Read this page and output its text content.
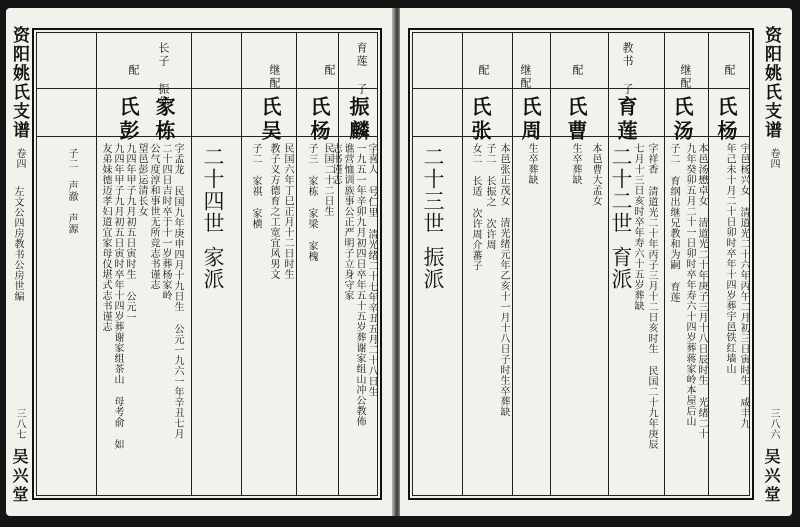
资阳姚氏支谱
卷四
左文公四房教书公房世编
三八七
吴兴堂
配
氏彭
长子 振邻
家栋
字孟龙 民国九年庚申四月十九日生 公元一九六一年辛丑七月
二十四日吉时卒于十一岁葬杨家岭
公气度淳和事世无所竞志书谨志
望邑彭运清长女
九四年甲子九月初五日寅时生 公元一
九四年甲子九月初五日寅时卒年十四岁葬谢家组茶山 母考俞 如
友弟妹德迈孝妇道宜家母仪堪式志书谨志
子二 声澈 声源	二十四世
家派
继配
氏吴
民国六年丁巳正月十二日时生
教子义方德育之工宽宜风男文
子二 家祺 家横
配
氏杨
民国二十二日生
子三 家栋 家梁 家槐
育莲 子
振麟
字喜人 号仁里 清光绪二十七年辛丑五月二十八日生
一九五一年辛卯九月初四日卒年五十五岁葬谢家组山冲公教佈
谯营恤训族事公正严明子立身守家
志书谨志
资阳姚氏支谱
卷四
三八六
吴兴堂
二十三世
振派
配
氏张
本邑张正茂女 清光绪元年乙亥十一月十八日子时生卒葬缺
子二 长振之 次许周
女二 长适 次许周介蕃子
继配
氏周
生卒葬缺
配
氏曹
本邑曹大孟女
生卒葬缺
教书 子
育莲
字祥香 清道光二十年丙子三月十二日亥时生 民国二十九年庚辰
七月十三日亥时卒年寿六十五岁葬缺
二十二世
育派
继配
氏汤
本邑汤懋卓女 清道光二十年庚子三月十八日辰时生 光绪二十
九年癸卯五月二十一日卯时卒年寿六十四岁葬蒋家岭本屋后山
子二 育纲出继兄教和为嗣 育莲
配
氏杨
宇邑杨兴女 清道光二十六年丙午二月初三日寅时生 咸丰九
年己未十月二十日卯时卒年十四岁葬宇邑铁红墙山
